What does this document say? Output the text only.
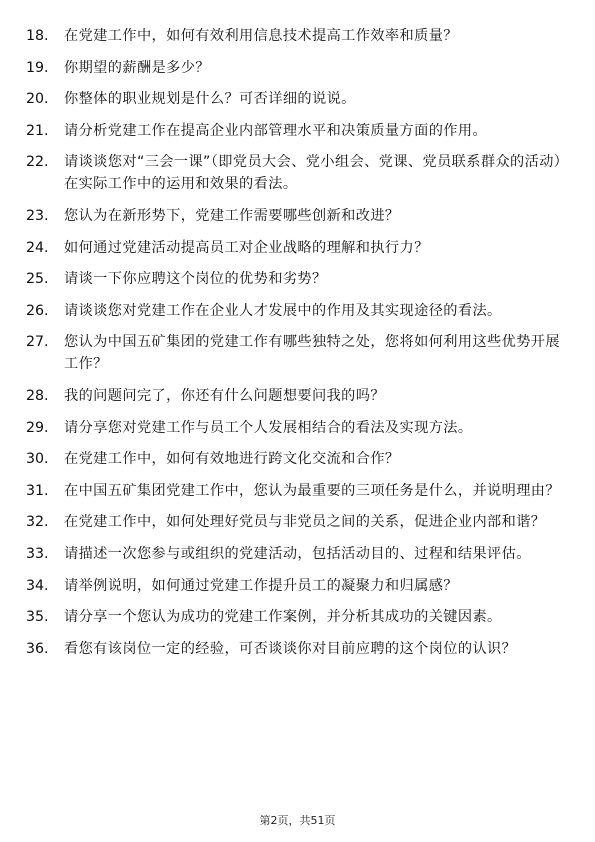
18.	在党建工作中，如何有效利用信息技术提高工作效率和质量？
19.	你期望的薪酬是多少？
20.	你整体的职业规划是什么？可否详细的说说。
21.	请分析党建工作在提高企业内部管理水平和决策质量方面的作用。
22.	请谈谈您对“三会一课”（即党员大会、党小组会、党课、党员联系群众的活动）在实际工作中的运用和效果的看法。
23.	您认为在新形势下，党建工作需要哪些创新和改进？
24.	如何通过党建活动提高员工对企业战略的理解和执行力？
25.	请谈一下你应聘这个岗位的优势和劣势？
26.	请谈谈您对党建工作在企业人才发展中的作用及其实现途径的看法。
27.	您认为中国五矿集团的党建工作有哪些独特之处，您将如何利用这些优势开展工作？
28.	我的问题问完了，你还有什么问题想要问我的吗？
29.	请分享您对党建工作与员工个人发展相结合的看法及实现方法。
30.	在党建工作中，如何有效地进行跨文化交流和合作？
31.	在中国五矿集团党建工作中，您认为最重要的三项任务是什么，并说明理由？
32.	在党建工作中，如何处理好党员与非党员之间的关系，促进企业内部和谐？
33.	请描述一次您参与或组织的党建活动，包括活动目的、过程和结果评估。
34.	请举例说明，如何通过党建工作提升员工的凝聚力和归属感？
35.	请分享一个您认为成功的党建工作案例，并分析其成功的关键因素。
36.	看您有该岗位一定的经验，可否谈谈你对目前应聘的这个岗位的认识？
第2页，共51页
